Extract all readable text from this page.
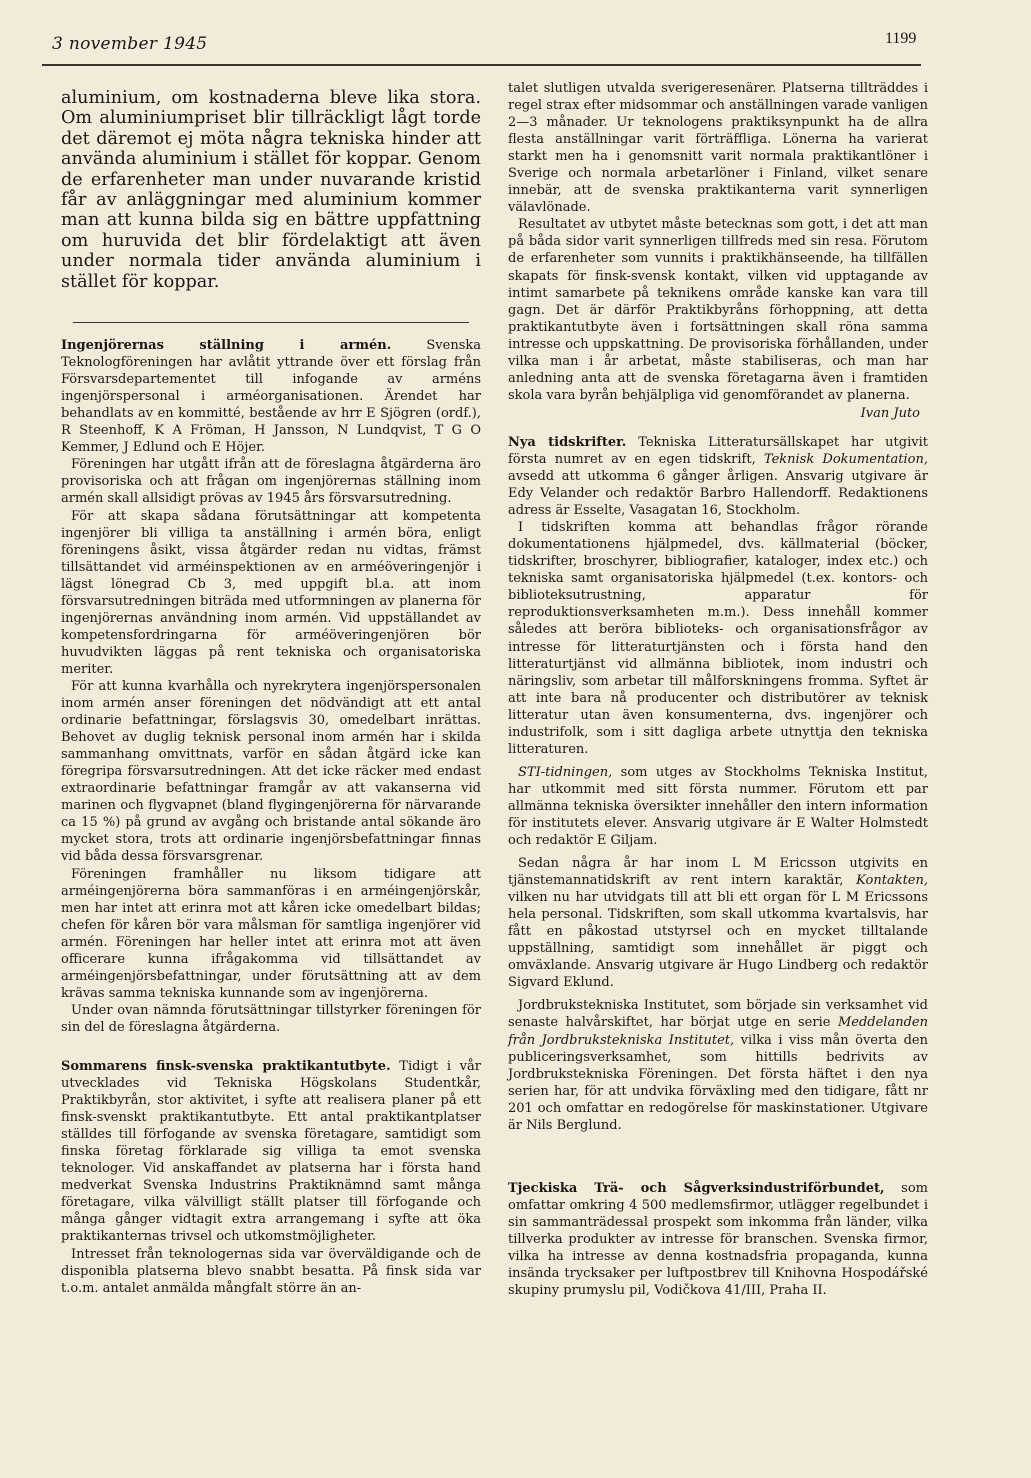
3 november 1945	1199

aluminium, om kostnaderna bleve lika stora. Om aluminiumpriset blir tillräckligt lågt torde det däremot ej möta några tekniska hinder att använda aluminium i stället för koppar. Genom de erfarenheter man under nuvarande kristid får av anläggningar med aluminium kommer man att kunna bilda sig en bättre uppfattning om huruvida det blir fördelaktigt att även under normala tider använda aluminium i stället för koppar.

Ingenjörernas ställning i armén.	Svenska Teknologföreningen har avlåtit yttrande över ett förslag från Försvarsdepartementet till infogande av arméns ingenjörspersonal i arméorganisationen. Ärendet har behandlats av en kommitté, bestående av hrr E Sjögren (ordf.), R Steenhoff, K A Fröman, H Jansson, N Lundqvist, T G O Kemmer, J Edlund och E Höjer.

Föreningen har utgått ifrån att de föreslagna åtgärderna äro provisoriska och att frågan om ingenjörernas ställning inom armén skall allsidigt prövas av 1945 års försvarsutredning.

För att skapa sådana förutsättningar att kompetenta ingenjörer bli villiga ta anställning i armén böra, enligt föreningens åsikt, vissa åtgärder redan nu vidtas, främst tillsättandet vid arméinspektionen av en arméöveringenjör i lägst lönegrad Cb 3, med uppgift bl.a. att inom försvarsutredningen biträda med utformningen av planerna för ingenjörernas användning inom armén. Vid uppställandet av kompetensfordringarna för arméöveringenjören bör huvudvikten läggas på rent tekniska och organisatoriska meriter.

För att kunna kvarhålla och nyrekrytera ingenjörspersonalen inom armén anser föreningen det nödvändigt att ett antal ordinarie befattningar, förslagsvis 30, omedelbart inrättas. Behovet av duglig teknisk personal inom armén har i skilda sammanhang omvittnats, varför en sådan åtgärd icke kan föregripa försvarsutredningen. Att det icke räcker med endast extraordinarie befattningar framgår av att vakanserna vid marinen och flygvapnet (bland flygingenjörerna för närvarande ca 15 %) på grund av avgång och bristande antal sökande äro mycket stora, trots att ordinarie ingenjörsbefattningar finnas vid båda dessa försvarsgrenar.

Föreningen framhåller nu liksom tidigare att arméingenjörerna böra sammanföras i en arméingenjörskår, men har intet att erinra mot att kåren icke omedelbart bildas; chefen för kåren bör vara målsman för samtliga ingenjörer vid armén. Föreningen har heller intet att erinra mot att även officerare kunna ifrågakomma vid tillsättandet av arméingenjörsbefattningar, under förutsättning att av dem krävas samma tekniska kunnande som av ingenjörerna.

Under ovan nämnda förutsättningar tillstyrker föreningen för sin del de föreslagna åtgärderna.

Sommarens finsk-svenska praktikantutbyte. Tidigt i vår utvecklades vid Tekniska Högskolans Studentkår, Praktikbyrån, stor aktivitet, i syfte att realisera planer på ett finsk-svenskt praktikantutbyte. Ett antal praktikantplatser ställdes till förfogande av svenska företagare, samtidigt som finska företag förklarade sig villiga ta emot svenska teknologer. Vid anskaffandet av platserna har i första hand medverkat Svenska Industrins Praktiknämnd samt många företagare, vilka välvilligt ställt platser till förfogande och många gånger vidtagit extra arrangemang i syfte att öka praktikanternas trivsel och utkomstmöjligheter.

Intresset från teknologernas sida var överväldigande och de disponibla platserna blevo snabbt besatta. På finsk sida var t.o.m. antalet anmälda mångfalt större än an-

talet slutligen utvalda sverigeresenärer. Platserna tillträddes i regel strax efter midsommar och anställningen varade vanligen 2—3 månader. Ur teknologens praktiksynpunkt ha de allra flesta anställningar varit förträffliga. Lönerna ha varierat starkt men ha i genomsnitt varit normala praktikantlöner i Sverige och normala arbetarlöner i Finland, vilket senare innebär, att de svenska praktikanterna varit synnerligen välavlönade.

Resultatet av utbytet måste betecknas som gott, i det att man på båda sidor varit synnerligen tillfreds med sin resa. Förutom de erfarenheter som vunnits i praktikhänseende, ha tillfällen skapats för finsk-svensk kontakt, vilken vid upptagande av intimt samarbete på teknikens område kanske kan vara till gagn. Det är därför Praktikbyråns förhoppning, att detta praktikantutbyte även i fortsättningen skall röna samma intresse och uppskattning. De provisoriska förhållanden, under vilka man i år arbetat, måste stabiliseras, och man har anledning anta att de svenska företagarna även i framtiden skola vara byrån behjälpliga vid genomförandet av planerna.

Ivan Juto

Nya tidskrifter. Tekniska Litteratursällskapet har utgivit första numret av en egen tidskrift, Teknisk Dokumentation, avsedd att utkomma 6 gånger årligen. Ansvarig utgivare är Edy Velander och redaktör Barbro Hallendorff. Redaktionens adress är Esselte, Vasagatan 16, Stockholm.

I tidskriften komma att behandlas frågor rörande dokumentationens hjälpmedel, dvs. källmaterial (böcker, tidskrifter, broschyrer, bibliografier, kataloger, index etc.) och tekniska samt organisatoriska hjälpmedel (t.ex. kontors- och biblioteksutrustning, apparatur för reproduktionsverksamheten m.m.). Dess innehåll kommer således att beröra biblioteks- och organisationsfrågor av intresse för litteraturtjänsten och i första hand den litteraturtjänst vid allmänna bibliotek, inom industri och näringsliv, som arbetar till målforskningens fromma. Syftet är att inte bara nå producenter och distributörer av teknisk litteratur utan även konsumenterna, dvs. ingenjörer och industrifolk, som i sitt dagliga arbete utnyttja den tekniska litteraturen.

STI-tidningen, som utges av Stockholms Tekniska Institut, har utkommit med sitt första nummer. Förutom ett par allmänna tekniska översikter innehåller den intern information för institutets elever. Ansvarig utgivare är E Walter Holmstedt och redaktör E Giljam.

Sedan några år har inom L M Ericsson utgivits en tjänstemannatidskrift av rent intern karaktär, Kontakten, vilken nu har utvidgats till att bli ett organ för L M Ericssons hela personal. Tidskriften, som skall utkomma kvartalsvis, har fått en påkostad utstyrsel och en mycket tilltalande uppställning, samtidigt som innehållet är piggt och omväxlande. Ansvarig utgivare är Hugo Lindberg och redaktör Sigvard Eklund.

Jordbrukstekniska Institutet, som började sin verksamhet vid senaste halvårskiftet, har börjat utge en serie Meddelanden från Jordbrukstekniska Institutet, vilka i viss mån överta den publiceringsverksamhet, som hittills bedrivits av Jordbrukstekniska Föreningen. Det första häftet i den nya serien har, för att undvika förväxling med den tidigare, fått nr 201 och omfattar en redogörelse för maskinstationer. Utgivare är Nils Berglund.

Tjeckiska Trä- och Sågverksindustriförbundet, som omfattar omkring 4 500 medlemsfirmor, utlägger regelbundet i sin sammanträdessal prospekt som inkomma från länder, vilka tillverka produkter av intresse för branschen. Svenska firmor, vilka ha intresse av denna kostnadsfria propaganda, kunna insända trycksaker per luftpostbrev till Knihovna Hospodářské skupiny prumyslu pil, Vodičkova 41/III, Praha II.
